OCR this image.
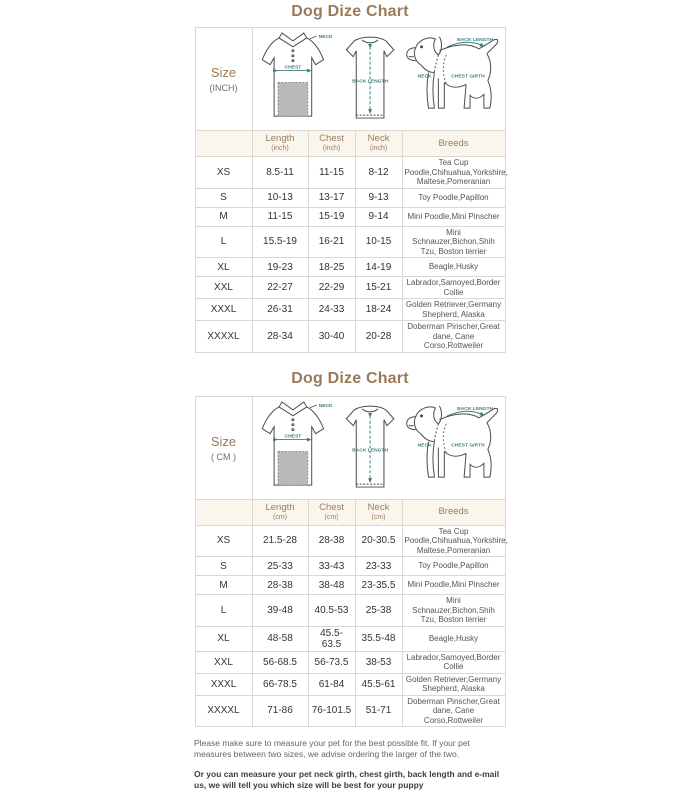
Dog Dize Chart
Size
(INCH)

CHEST
NECK
BACK LENGTH
BACK LENGTH
NECK	CHEST GIRTH

Length
(inch)

Chest
(inch)

Neck
(inch)	Breeds

XS	8.5-11	11-15	8-12	Tea Cup Poodle,Chihuahua,Yorkshire, Maltese,Pomeranian
S	10-13	13-17	9-13	Toy Poodle,Papillon
M	11-15	15-19	9-14	Mini Poodle,Mini Pinscher
L	15.5-19	16-21	10-15	Mini Schnauzer,Bichon,Shih Tzu, Boston terrier
XL	19-23	18-25	14-19	Beagle,Husky
XXL	22-27	22-29	15-21	Labrador,Samoyed,Border Collie
XXXL	26-31	24-33	18-24	Golden Retriever,Germany Shepherd, Alaska
XXXXL	28-34	30-40	20-28	Doberman Pinscher,Great dane, Cane Corso,Rottweiler
Dog Dize Chart
Size
( CM )

CHEST
NECK
BACK LENGTH
BACK LENGTH
NECK	CHEST GIRTH

Length
(cm)

Chest
(cm)

Neck
(cm)	Breeds

XS	21.5-28	28-38	20-30.5	Tea Cup Poodle,Chihuahua,Yorkshire, Maltese,Pomeranian
S	25-33	33-43	23-33	Toy Poodle,Papillon
M	28-38	38-48	23-35.5	Mini Poodle,Mini Pinscher
L	39-48	40.5-53	25-38	Mini Schnauzer,Bichon,Shih Tzu, Boston terrier
XL	48-58	45.5-63.5	35.5-48	Beagle,Husky
XXL	56-68.5	56-73.5	38-53	Labrador,Samoyed,Border Collie
XXXL	66-78.5	61-84	45.5-61	Golden Retriever,Germany Shepherd, Alaska
XXXXL	71-86	76-101.5	51-71	Doberman Pinscher,Great dane, Cane Corso,Rottweiler

Please make sure to measure your pet for the best possible fit. If your pet measures between two sizes, we advise ordering the larger of the two.

Or you can measure your pet neck girth, chest girth, back length and e-mail us, we will tell you which size will be best for your puppy
